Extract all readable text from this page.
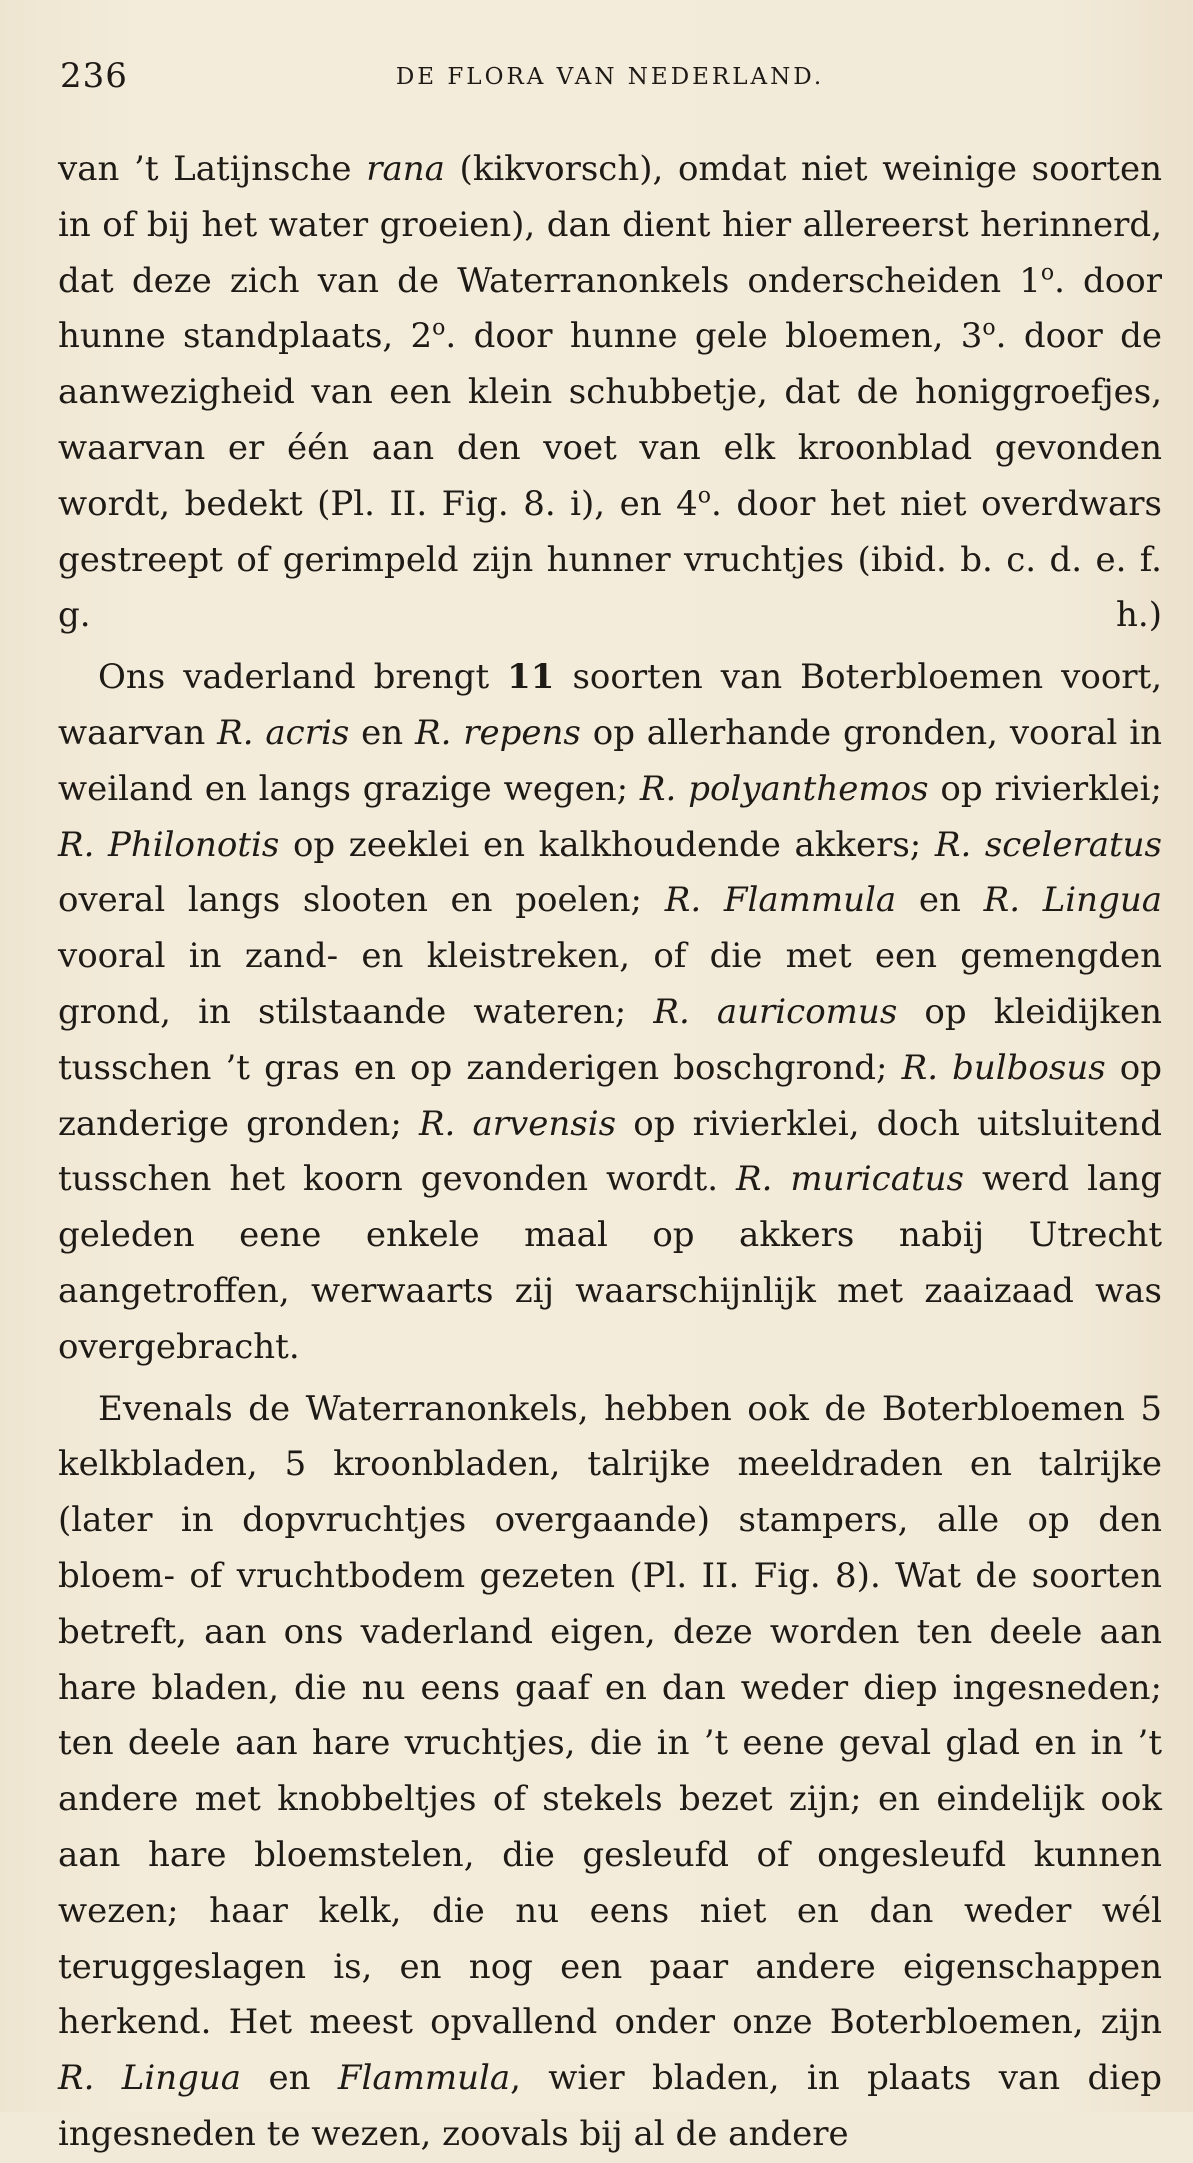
236	DE FLORA VAN NEDERLAND.

van ’t Latijnsche rana (kikvorsch), omdat niet weinige soorten in of bij het water groeien), dan dient hier allereerst herinnerd, dat deze zich van de Waterranonkels onderscheiden 1$^o$. door hunne standplaats, 2$^o$. door hunne gele bloemen, 3$^o$. door de aanwezigheid van een klein schubbetje, dat de honiggroefjes, waarvan er één aan den voet van elk kroonblad gevonden wordt, bedekt (Pl. II. Fig. 8. i), en 4$^o$. door het niet overdwars gestreept of gerimpeld zijn hunner vruchtjes (ibid. b. c. d. e. f. g. h.)

Ons vaderland brengt 11 soorten van Boterbloemen voort, waarvan R. acris en R. repens op allerhande gronden, vooral in weiland en langs grazige wegen; R. polyanthemos op rivierklei; R. Philonotis op zeeklei en kalkhoudende akkers; R. sceleratus overal langs slooten en poelen; R. Flammula en R. Lingua vooral in zand- en kleistreken, of die met een gemengden grond, in stilstaande wateren; R. auricomus op kleidijken tusschen ’t gras en op zanderigen boschgrond; R. bulbosus op zanderige gronden; R. arvensis op rivierklei, doch uitsluitend tusschen het koorn gevonden wordt. R. muricatus werd lang geleden eene enkele maal op akkers nabij Utrecht aangetroffen, werwaarts zij waarschijnlijk met zaaizaad was overgebracht.

Evenals de Waterranonkels, hebben ook de Boterbloemen 5 kelkbladen, 5 kroonbladen, talrijke meeldraden en talrijke (later in dopvruchtjes overgaande) stampers, alle op den bloem- of vruchtbodem gezeten (Pl. II. Fig. 8). Wat de soorten betreft, aan ons vaderland eigen, deze worden ten deele aan hare bladen, die nu eens gaaf en dan weder diep ingesneden; ten deele aan hare vruchtjes, die in ’t eene geval glad en in ’t andere met knobbeltjes of stekels bezet zijn; en eindelijk ook aan hare bloemstelen, die gesleufd of ongesleufd kunnen wezen; haar kelk, die nu eens niet en dan weder wél teruggeslagen is, en nog een paar andere eigenschappen herkend. Het meest opvallend onder onze Boterbloemen, zijn R. Lingua en Flammula, wier bladen, in plaats van diep ingesneden te wezen, zoovals bij al de andere
